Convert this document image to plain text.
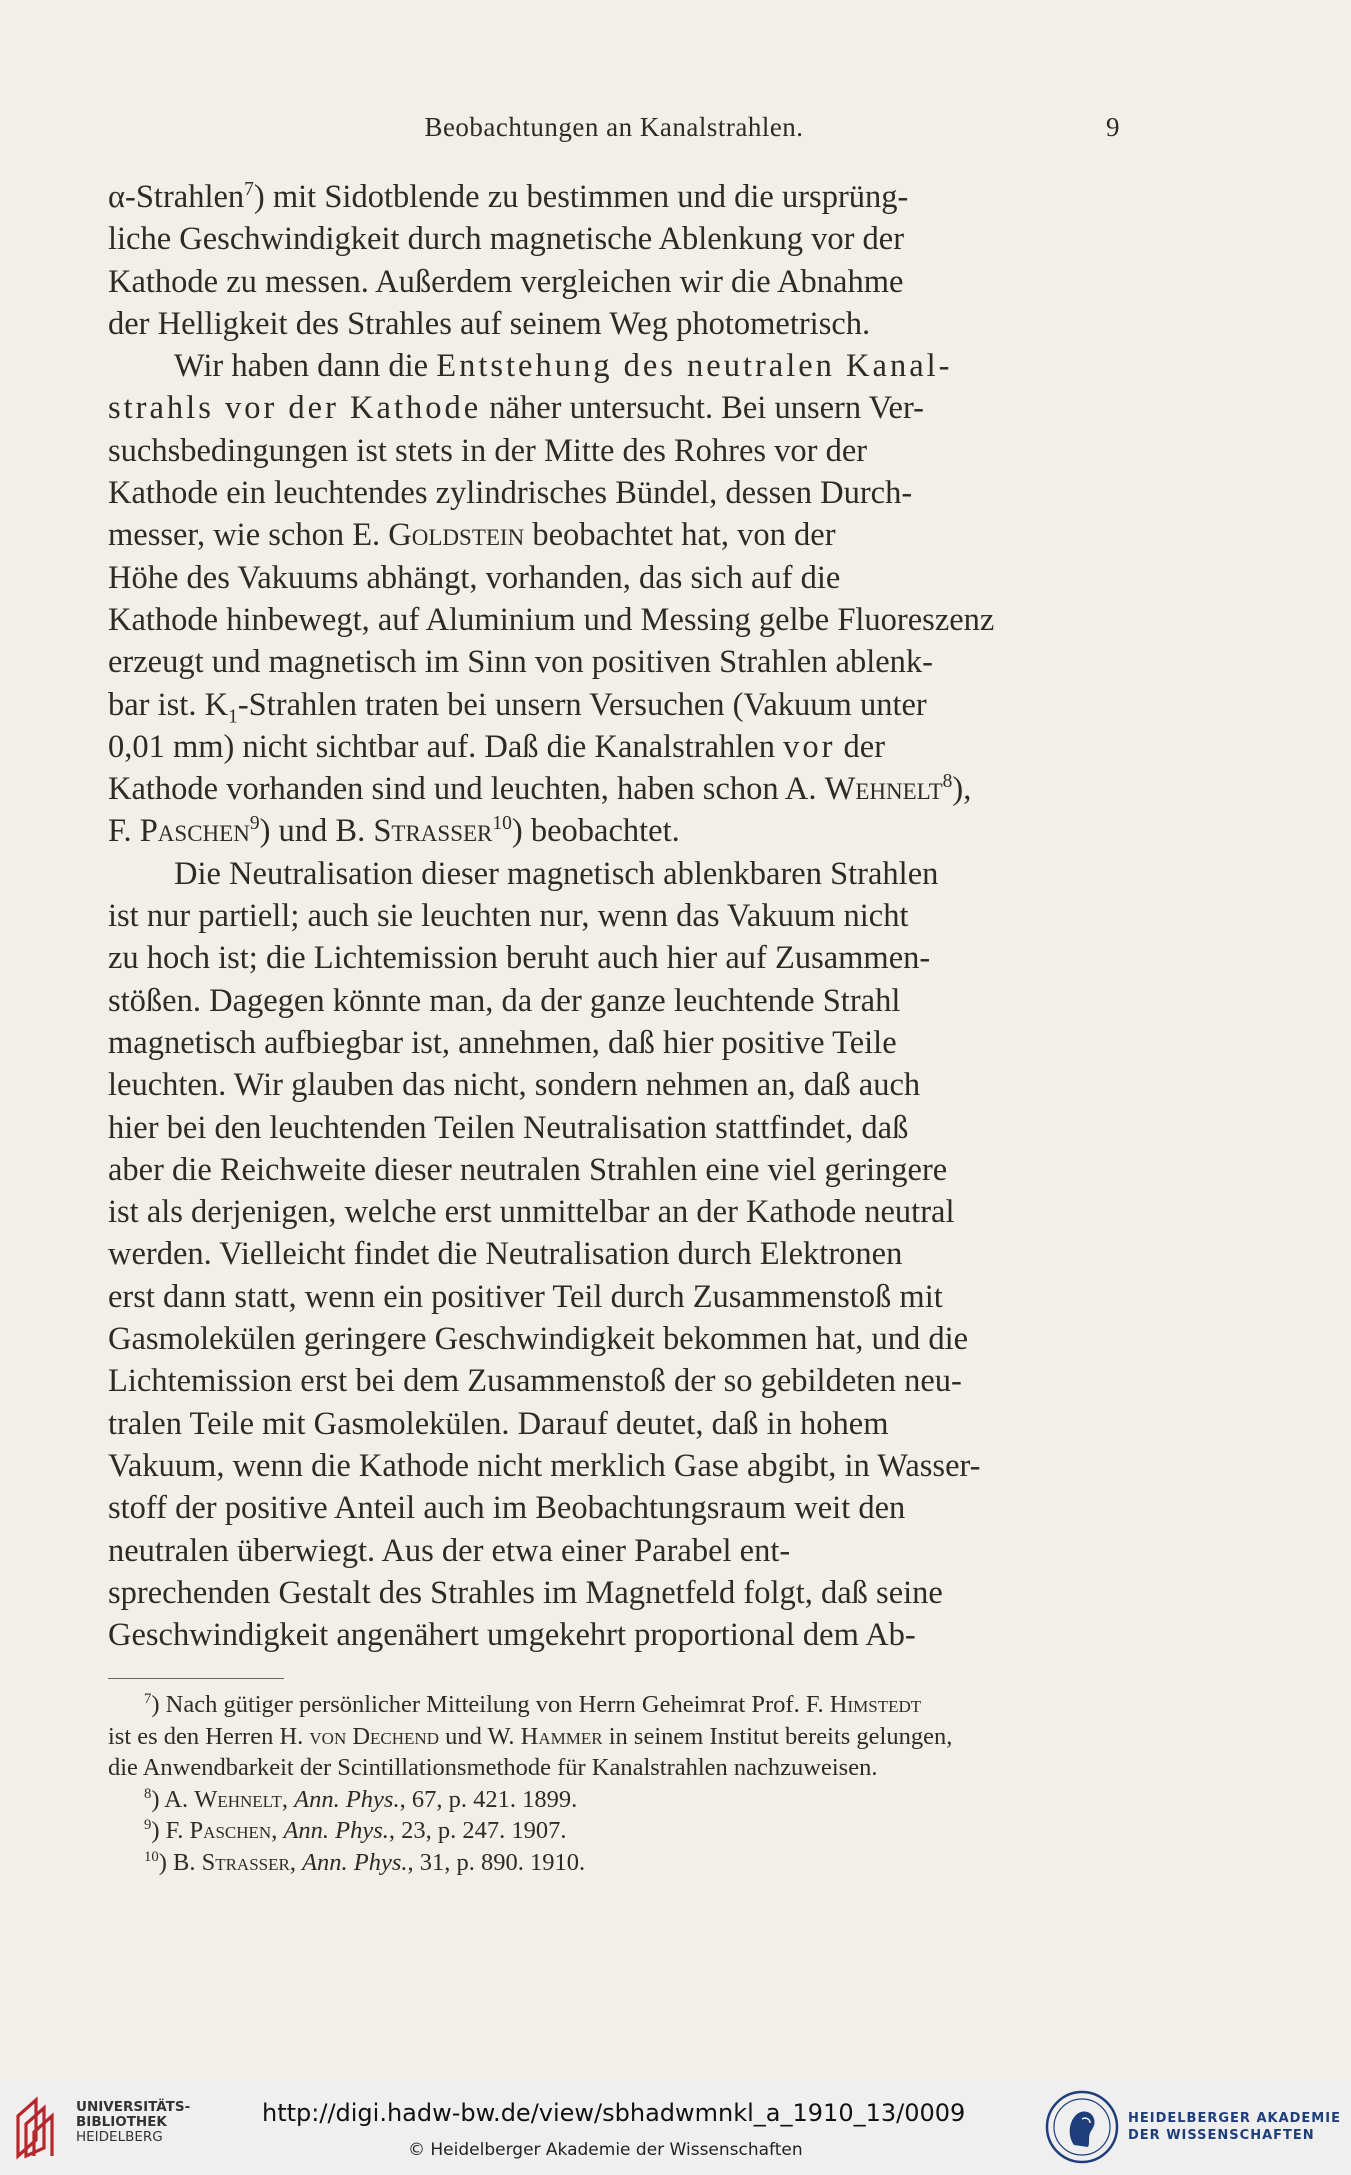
Beobachtungen an Kanalstrahlen.	9
α-Strahlen$^7$) mit Sidotblende zu bestimmen und die ursprüng-
liche Geschwindigkeit durch magnetische Ablenkung vor der
Kathode zu messen. Außerdem vergleichen wir die Abnahme
der Helligkeit des Strahles auf seinem Weg photometrisch.
Wir haben dann die Entstehung des neutralen Kanal-
strahls vor der Kathode näher untersucht. Bei unsern Ver-
suchsbedingungen ist stets in der Mitte des Rohres vor der
Kathode ein leuchtendes zylindrisches Bündel, dessen Durch-
messer, wie schon E. Goldstein beobachtet hat, von der
Höhe des Vakuums abhängt, vorhanden, das sich auf die
Kathode hinbewegt, auf Aluminium und Messing gelbe Fluoreszenz
erzeugt und magnetisch im Sinn von positiven Strahlen ablenk-
bar ist. $K_1$-Strahlen traten bei unsern Versuchen (Vakuum unter
0,01 mm) nicht sichtbar auf. Daß die Kanalstrahlen vor der
Kathode vorhanden sind und leuchten, haben schon A. Wehnelt$^8$),
F. Paschen$^9$) und B. Strasser$^{10}$) beobachtet.
Die Neutralisation dieser magnetisch ablenkbaren Strahlen
ist nur partiell; auch sie leuchten nur, wenn das Vakuum nicht
zu hoch ist; die Lichtemission beruht auch hier auf Zusammen-
stößen. Dagegen könnte man, da der ganze leuchtende Strahl
magnetisch aufbiegbar ist, annehmen, daß hier positive Teile
leuchten. Wir glauben das nicht, sondern nehmen an, daß auch
hier bei den leuchtenden Teilen Neutralisation stattfindet, daß
aber die Reichweite dieser neutralen Strahlen eine viel geringere
ist als derjenigen, welche erst unmittelbar an der Kathode neutral
werden. Vielleicht findet die Neutralisation durch Elektronen
erst dann statt, wenn ein positiver Teil durch Zusammenstoß mit
Gasmolekülen geringere Geschwindigkeit bekommen hat, und die
Lichtemission erst bei dem Zusammenstoß der so gebildeten neu-
tralen Teile mit Gasmolekülen. Darauf deutet, daß in hohem
Vakuum, wenn die Kathode nicht merklich Gase abgibt, in Wasser-
stoff der positive Anteil auch im Beobachtungsraum weit den
neutralen überwiegt. Aus der etwa einer Parabel ent-
sprechenden Gestalt des Strahles im Magnetfeld folgt, daß seine
Geschwindigkeit angenähert umgekehrt proportional dem Ab-
$^7$) Nach gütiger persönlicher Mitteilung von Herrn Geheimrat Prof. F. Himstedt
ist es den Herren H. von Dechend und W. Hammer in seinem Institut bereits gelungen,
die Anwendbarkeit der Scintillationsmethode für Kanalstrahlen nachzuweisen.
$^8$) A. Wehnelt, Ann. Phys., 67, p. 421. 1899.
$^9$) F. Paschen, Ann. Phys., 23, p. 247. 1907.
$^{10}$) B. Strasser, Ann. Phys., 31, p. 890. 1910.
UNIVERSITÄTS-
BIBLIOTHEK
HEIDELBERG
http://digi.hadw-bw.de/view/sbhadwmnkl_a_1910_13/0009
© Heidelberger Akademie der Wissenschaften
HEIDELBERGER AKADEMIE
DER WISSENSCHAFTEN
